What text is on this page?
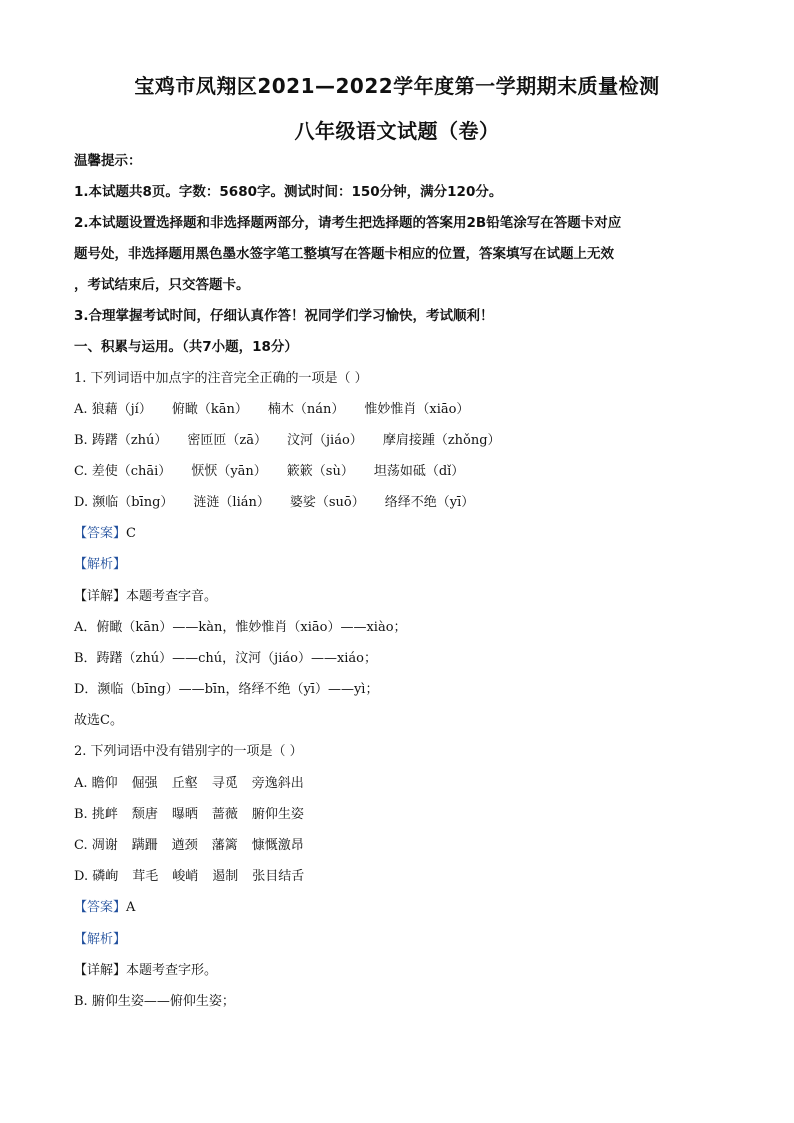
宝鸡市凤翔区2021—2022学年度第一学期期末质量检测
八年级语文试题（卷）
温馨提示：
1.本试题共8页。字数：5680字。测试时间：150分钟，满分120分。
2.本试题设置选择题和非选择题两部分，请考生把选择题的答案用2B铅笔涂写在答题卡对应
题号处，非选择题用黑色墨水签字笔工整填写在答题卡相应的位置，答案填写在试题上无效
，考试结束后，只交答题卡。
3.合理掌握考试时间，仔细认真作答！祝同学们学习愉快，考试顺利！
一、积累与运用。（共7小题，18分）
1. 下列词语中加点字的注音完全正确的一项是（ ）
A. 狼藉（jí） 俯瞰（kān） 楠木（nán） 惟妙惟肖（xiāo）
B. 踌躇（zhú） 密匝匝（zā） 汶河（jiáo） 摩肩接踵（zhǒng）
C. 差使（chāi） 恹恹（yān） 簌簌（sù） 坦荡如砥（dǐ）
D. 濒临（bīng） 涟涟（lián） 婆娑（suō） 络绎不绝（yī）
【答案】C
【解析】
【详解】本题考查字音。
A．俯瞰（kān）——kàn，惟妙惟肖（xiāo）——xiào；
B．踌躇（zhú）——chú，汶河（jiáo）——xiáo；
D．濒临（bīng）——bīn，络绎不绝（yī）——yì；
故选C。
2. 下列词语中没有错别字的一项是（ ）
A. 瞻仰 倔强 丘壑 寻觅 旁逸斜出
B. 挑衅 颓唐 曝晒 蔷薇 腑仰生姿
C. 凋谢 蹒跚 遒颈 藩篱 慷慨激昂
D. 磷峋 茸毛 峻峭 遏制 张目结舌
【答案】A
【解析】
【详解】本题考查字形。
B. 腑仰生姿——俯仰生姿；
